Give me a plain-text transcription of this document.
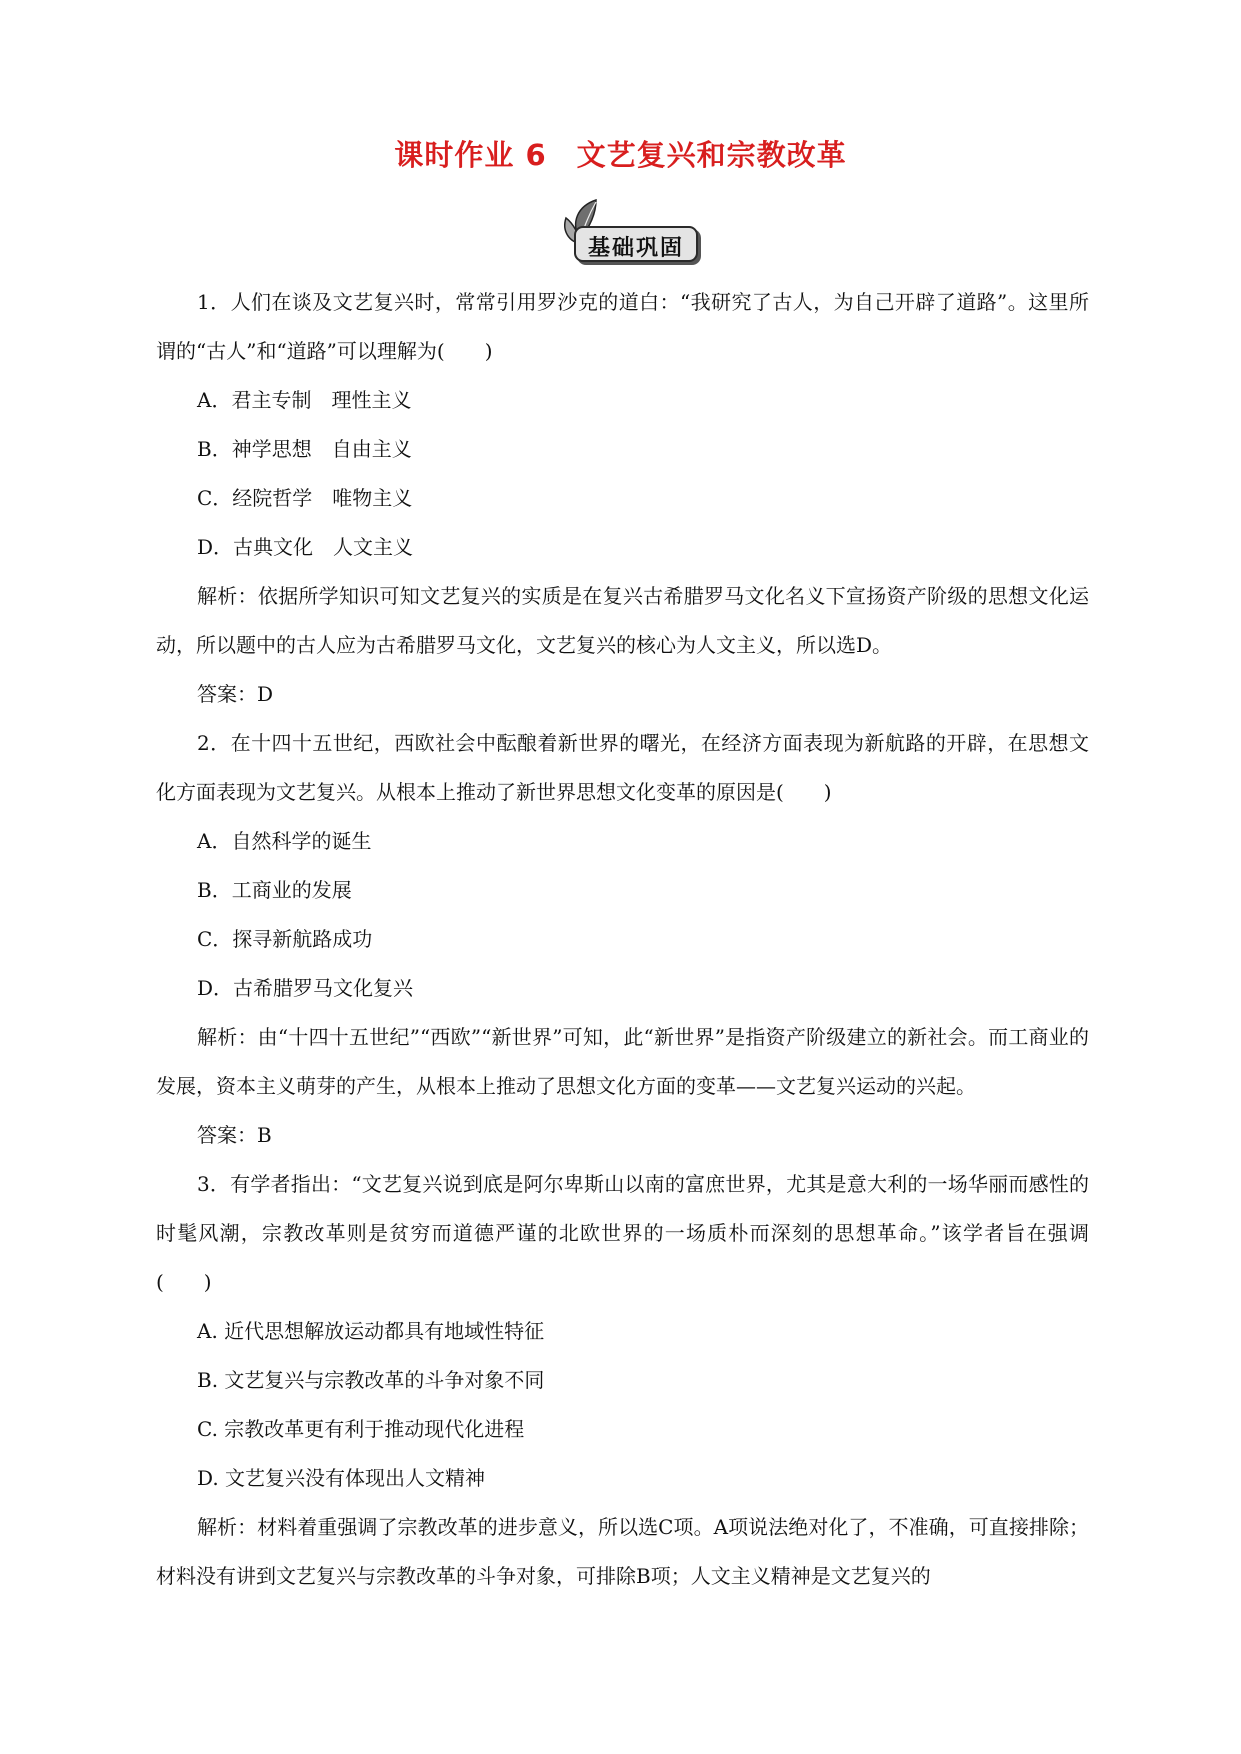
课时作业 6　文艺复兴和宗教改革
基础巩固

1．人们在谈及文艺复兴时，常常引用罗沙克的道白：“我研究了古人，为自己开辟了道路”。这里所谓的“古人”和“道路”可以理解为(　　)

A．君主专制　理性主义

B．神学思想　自由主义

C．经院哲学　唯物主义

D．古典文化　人文主义

解析：依据所学知识可知文艺复兴的实质是在复兴古希腊罗马文化名义下宣扬资产阶级的思想文化运动，所以题中的古人应为古希腊罗马文化，文艺复兴的核心为人文主义，所以选D。

答案：D

2．在十四十五世纪，西欧社会中酝酿着新世界的曙光，在经济方面表现为新航路的开辟，在思想文化方面表现为文艺复兴。从根本上推动了新世界思想文化变革的原因是(　　)

A．自然科学的诞生

B．工商业的发展

C．探寻新航路成功

D．古希腊罗马文化复兴

解析：由“十四十五世纪”“西欧”“新世界”可知，此“新世界”是指资产阶级建立的新社会。而工商业的发展，资本主义萌芽的产生，从根本上推动了思想文化方面的变革——文艺复兴运动的兴起。

答案：B

3．有学者指出：“文艺复兴说到底是阿尔卑斯山以南的富庶世界，尤其是意大利的一场华丽而感性的时髦风潮，宗教改革则是贫穷而道德严谨的北欧世界的一场质朴而深刻的思想革命。”该学者旨在强调(　　)

A. 近代思想解放运动都具有地域性特征

B. 文艺复兴与宗教改革的斗争对象不同

C. 宗教改革更有利于推动现代化进程

D. 文艺复兴没有体现出人文精神

解析：材料着重强调了宗教改革的进步意义，所以选C项。A项说法绝对化了，不准确，可直接排除；材料没有讲到文艺复兴与宗教改革的斗争对象，可排除B项；人文主义精神是文艺复兴的
